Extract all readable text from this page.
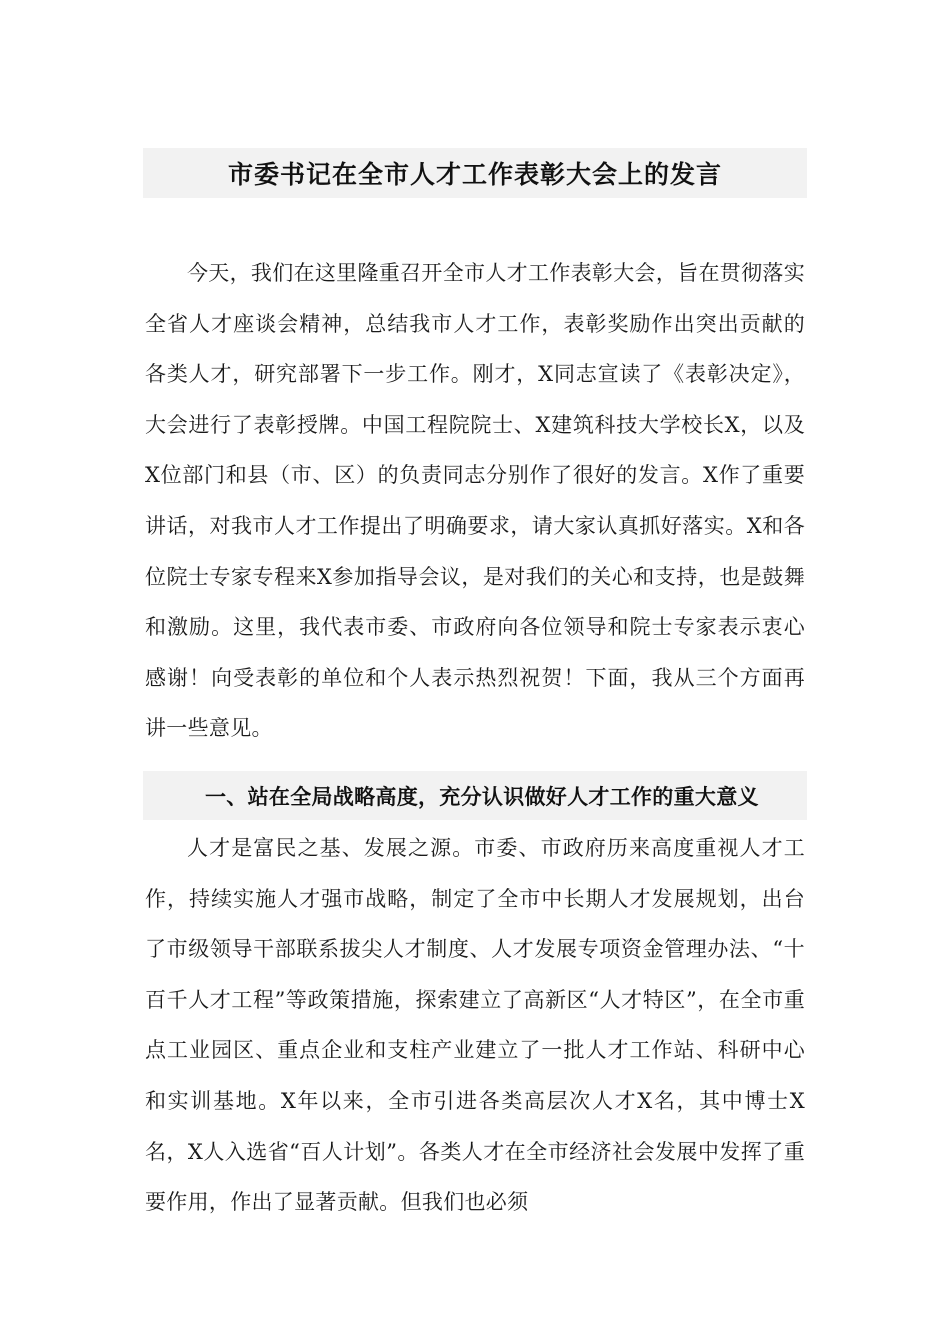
市委书记在全市人才工作表彰大会上的发言

今天，我们在这里隆重召开全市人才工作表彰大会，旨在贯彻落实全省人才座谈会精神，总结我市人才工作，表彰奖励作出突出贡献的各类人才，研究部署下一步工作。刚才，X同志宣读了《表彰决定》，大会进行了表彰授牌。中国工程院院士、X建筑科技大学校长X，以及X位部门和县（市、区）的负责同志分别作了很好的发言。X作了重要讲话，对我市人才工作提出了明确要求，请大家认真抓好落实。X和各位院士专家专程来X参加指导会议，是对我们的关心和支持，也是鼓舞和激励。这里，我代表市委、市政府向各位领导和院士专家表示衷心感谢！向受表彰的单位和个人表示热烈祝贺！下面，我从三个方面再讲一些意见。

一、站在全局战略高度，充分认识做好人才工作的重大意义

人才是富民之基、发展之源。市委、市政府历来高度重视人才工作，持续实施人才强市战略，制定了全市中长期人才发展规划，出台了市级领导干部联系拔尖人才制度、人才发展专项资金管理办法、“十百千人才工程”等政策措施，探索建立了高新区“人才特区”，在全市重点工业园区、重点企业和支柱产业建立了一批人才工作站、科研中心和实训基地。X年以来，全市引进各类高层次人才X名，其中博士X名，X人入选省“百人计划”。各类人才在全市经济社会发展中发挥了重要作用，作出了显著贡献。但我们也必须
